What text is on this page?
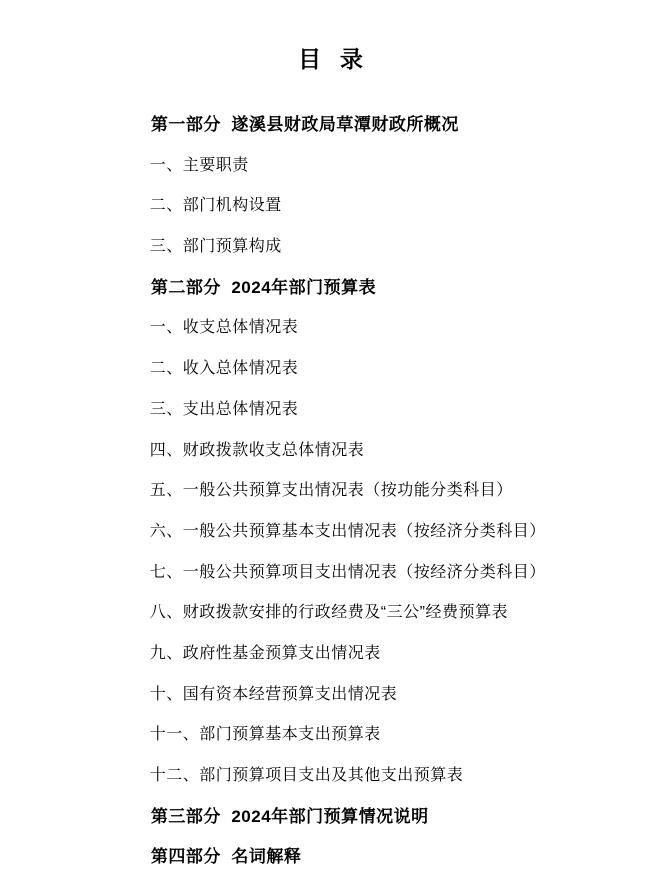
目  录

第一部分  遂溪县财政局草潭财政所概况

一、主要职责

二、部门机构设置

三、部门预算构成

第二部分  2024年部门预算表

一、收支总体情况表

二、收入总体情况表

三、支出总体情况表

四、财政拨款收支总体情况表

五、一般公共预算支出情况表（按功能分类科目）

六、一般公共预算基本支出情况表（按经济分类科目）

七、一般公共预算项目支出情况表（按经济分类科目）

八、财政拨款安排的行政经费及“三公”经费预算表

九、政府性基金预算支出情况表

十、国有资本经营预算支出情况表

十一、部门预算基本支出预算表

十二、部门预算项目支出及其他支出预算表

第三部分  2024年部门预算情况说明

第四部分  名词解释
